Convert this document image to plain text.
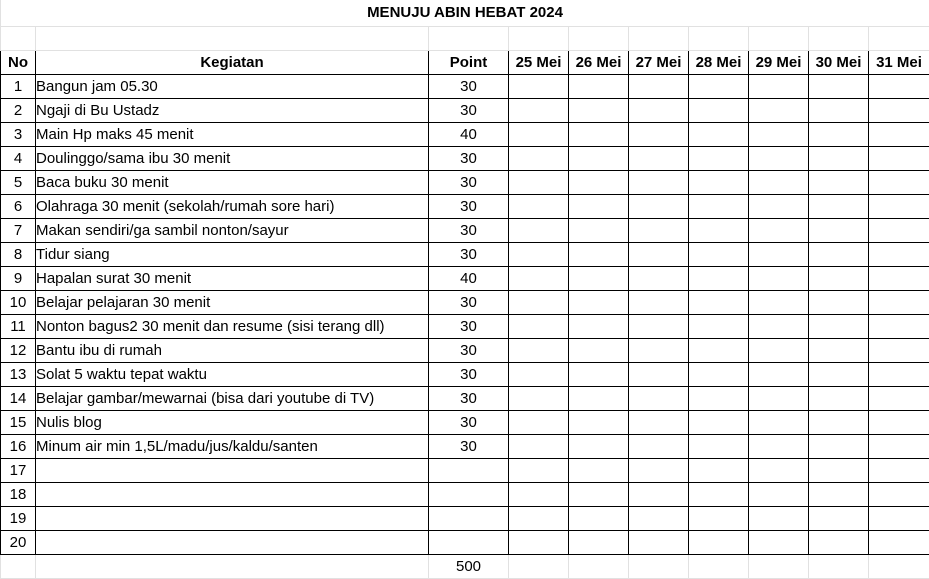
MENUJU ABIN HEBAT 2024									

No	Kegiatan	Point	25 Mei	26 Mei	27 Mei	28 Mei	29 Mei	30 Mei	31 Mei
1	Bangun jam 05.30	30							
2	Ngaji di Bu Ustadz	30							
3	Main Hp maks 45 menit	40							
4	Doulinggo/sama ibu 30 menit	30							
5	Baca buku 30 menit	30							
6	Olahraga 30 menit (sekolah/rumah sore hari)	30							
7	Makan sendiri/ga sambil nonton/sayur	30							
8	Tidur siang	30							
9	Hapalan surat 30 menit	40							
10	Belajar pelajaran 30 menit	30							
11	Nonton bagus2 30 menit dan resume (sisi terang dll)	30							
12	Bantu ibu di rumah	30							
13	Solat 5 waktu tepat waktu	30							
14	Belajar gambar/mewarnai (bisa dari youtube di TV)	30							
15	Nulis blog	30							
16	Minum air min 1,5L/madu/jus/kaldu/santen	30							
17									
18									
19									
20									
		500							
